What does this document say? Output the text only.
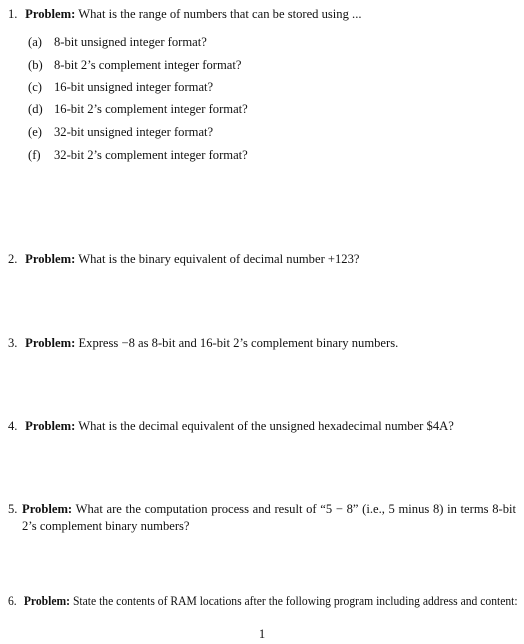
1. Problem: What is the range of numbers that can be stored using ...
(a) 8-bit unsigned integer format?
(b) 8-bit 2’s complement integer format?
(c) 16-bit unsigned integer format?
(d) 16-bit 2’s complement integer format?
(e) 32-bit unsigned integer format?
(f) 32-bit 2’s complement integer format?
2. Problem: What is the binary equivalent of decimal number +123?
3. Problem: Express −8 as 8-bit and 16-bit 2’s complement binary numbers.
4. Problem: What is the decimal equivalent of the unsigned hexadecimal number $4A?
5. Problem: What are the computation process and result of “5 − 8” (i.e., 5 minus 8) in terms 8-bit 2’s complement binary numbers?
6. Problem: State the contents of RAM locations after the following program including address and content:
1
